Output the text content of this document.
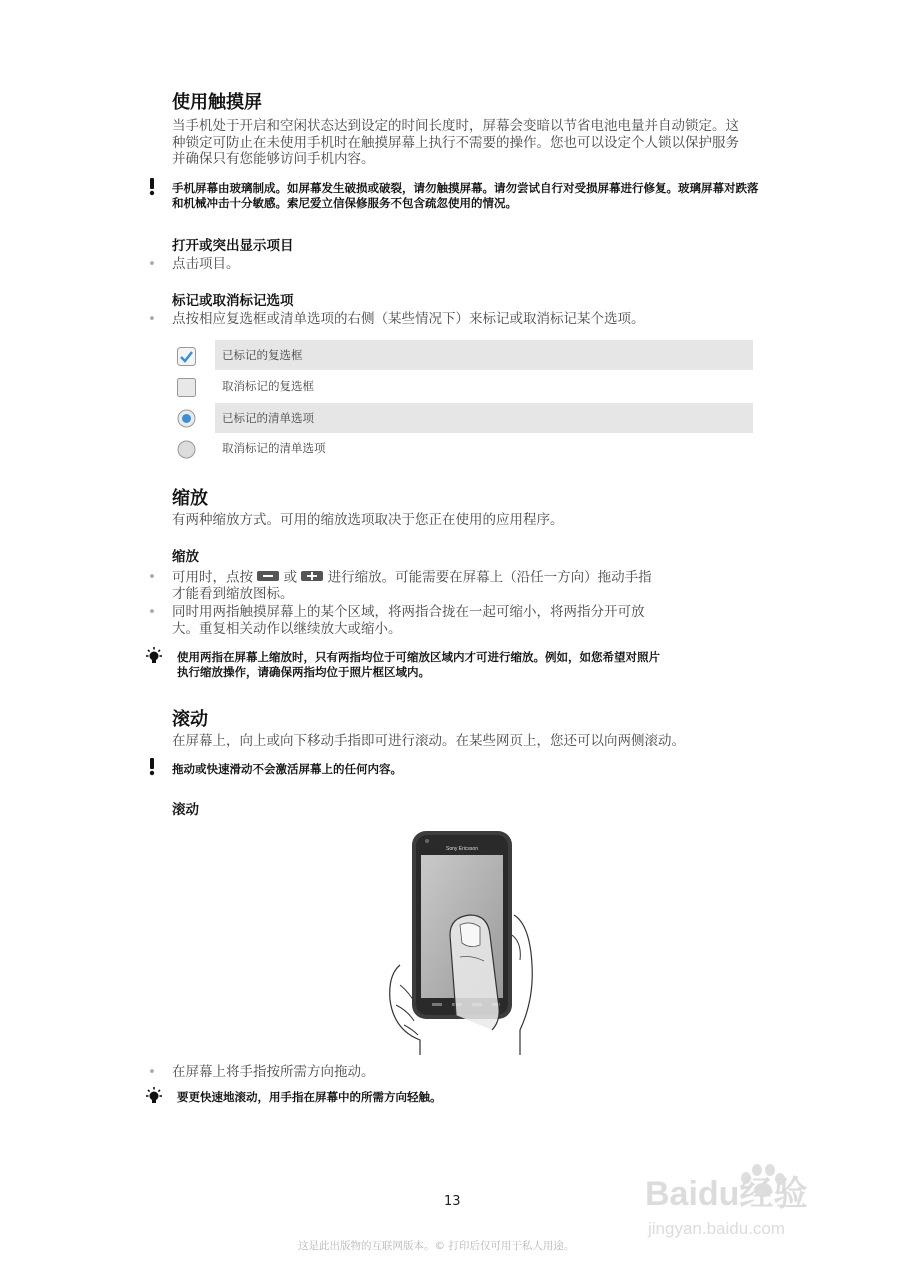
使用触摸屏
当手机处于开启和空闲状态达到设定的时间长度时，屏幕会变暗以节省电池电量并自动锁定。这种锁定可防止在未使用手机时在触摸屏幕上执行不需要的操作。您也可以设定个人锁以保护服务并确保只有您能够访问手机内容。
手机屏幕由玻璃制成。如屏幕发生破损或破裂，请勿触摸屏幕。请勿尝试自行对受损屏幕进行修复。玻璃屏幕对跌落和机械冲击十分敏感。索尼爱立信保修服务不包含疏忽使用的情况。
打开或突出显示项目
• 点击项目。
标记或取消标记选项
• 点按相应复选框或清单选项的右侧（某些情况下）来标记或取消标记某个选项。
已标记的复选框
取消标记的复选框
已标记的清单选项
取消标记的清单选项
缩放
有两种缩放方式。可用的缩放选项取决于您正在使用的应用程序。
缩放
• 可用时，点按 或 进行缩放。可能需要在屏幕上（沿任一方向）拖动手指
才能看到缩放图标。
• 同时用两指触摸屏幕上的某个区域，将两指合拢在一起可缩小，将两指分开可放
大。重复相关动作以继续放大或缩小。
使用两指在屏幕上缩放时，只有两指均位于可缩放区域内才可进行缩放。例如，如您希望对照片
执行缩放操作，请确保两指均位于照片框区域内。
滚动
在屏幕上，向上或向下移动手指即可进行滚动。在某些网页上，您还可以向两侧滚动。
拖动或快速滑动不会激活屏幕上的任何内容。
滚动
Sony Ericsson
• 在屏幕上将手指按所需方向拖动。
要更快速地滚动，用手指在屏幕中的所需方向轻触。
Baidu经验
jingyan.baidu.com
13
这是此出版物的互联网版本。© 打印后仅可用于私人用途。
